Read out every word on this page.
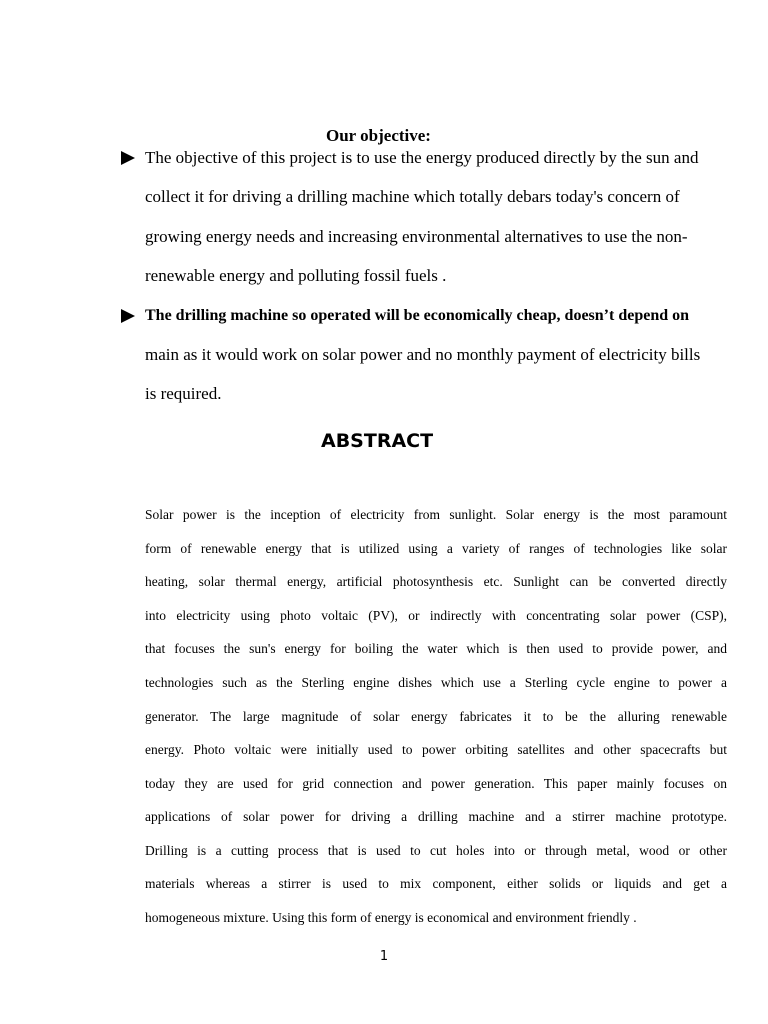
Our objective:
The objective of this project is to use the energy produced directly by the sun and
collect it for driving a drilling machine which totally debars today's concern of
growing energy needs and increasing environmental alternatives to use the non-
renewable energy and polluting fossil fuels .
The drilling machine so operated will be economically cheap, doesn’t depend on
main as it would work on solar power and no monthly payment of electricity bills
is required.
ABSTRACT
Solar power is the inception of electricity from sunlight. Solar energy is the most paramount
form of renewable energy that is utilized using a variety of ranges of technologies like solar
heating, solar thermal energy, artificial photosynthesis etc. Sunlight can be converted directly
into electricity using photo voltaic (PV), or indirectly with concentrating solar power (CSP),
that focuses the sun's energy for boiling the water which is then used to provide power, and
technologies such as the Sterling engine dishes which use a Sterling cycle engine to power a
generator. The large magnitude of solar energy fabricates it to be the alluring renewable
energy. Photo voltaic were initially used to power orbiting satellites and other spacecrafts but
today they are used for grid connection and power generation. This paper mainly focuses on
applications of solar power for driving a drilling machine and a stirrer machine prototype.
Drilling is a cutting process that is used to cut holes into or through metal, wood or other
materials whereas a stirrer is used to mix component, either solids or liquids and get a
homogeneous mixture. Using this form of energy is economical and environment friendly .
1
